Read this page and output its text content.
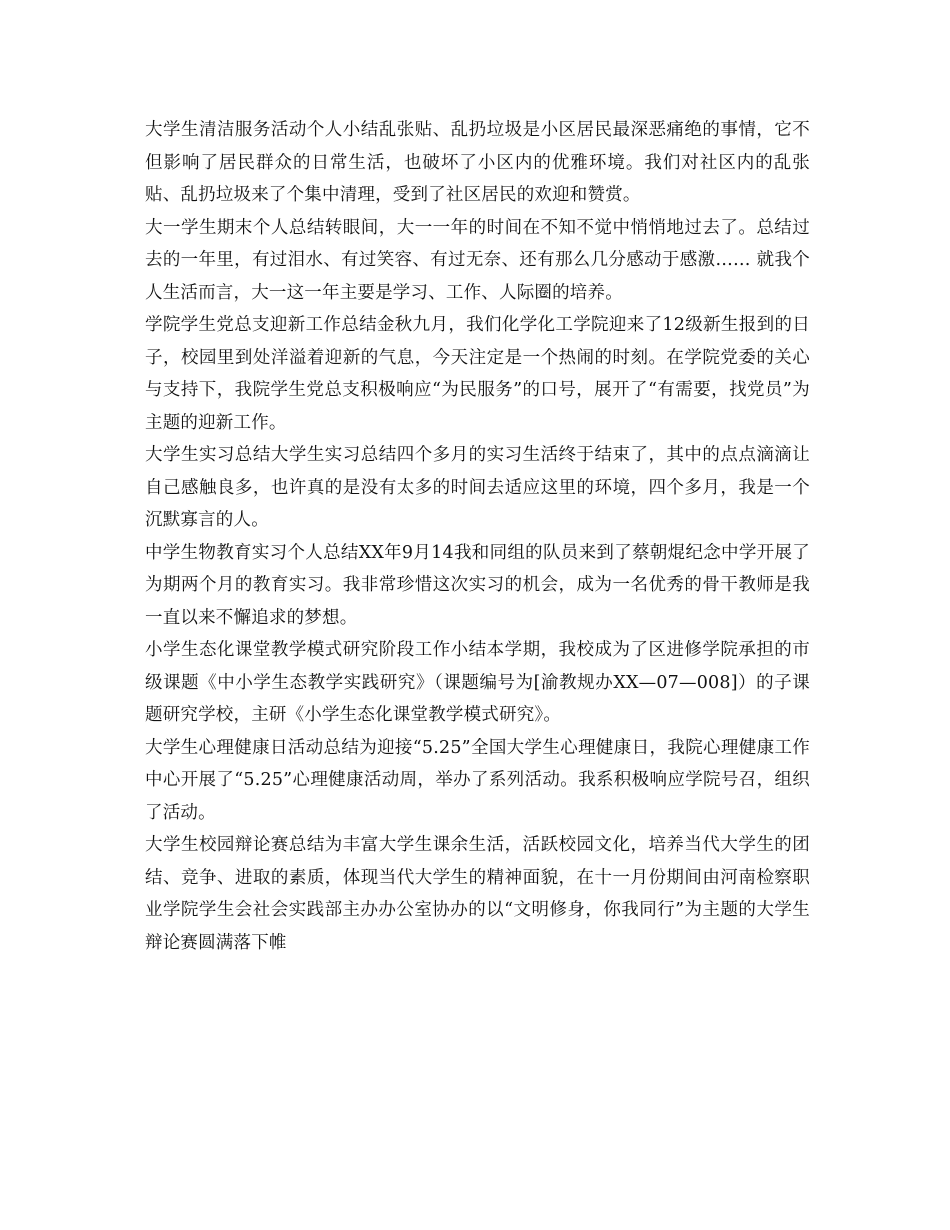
大学生清洁服务活动个人小结乱张贴、乱扔垃圾是小区居民最深恶痛绝的事情，它不但影响了居民群众的日常生活，也破坏了小区内的优雅环境。我们对社区内的乱张贴、乱扔垃圾来了个集中清理，受到了社区居民的欢迎和赞赏。

大一学生期末个人总结转眼间，大一一年的时间在不知不觉中悄悄地过去了。总结过去的一年里，有过泪水、有过笑容、有过无奈、还有那么几分感动于感激…… 就我个人生活而言，大一这一年主要是学习、工作、人际圈的培养。

学院学生党总支迎新工作总结金秋九月，我们化学化工学院迎来了12级新生报到的日子，校园里到处洋溢着迎新的气息，今天注定是一个热闹的时刻。在学院党委的关心与支持下，我院学生党总支积极响应“为民服务”的口号，展开了“有需要，找党员”为主题的迎新工作。

大学生实习总结大学生实习总结四个多月的实习生活终于结束了，其中的点点滴滴让自己感触良多，也许真的是没有太多的时间去适应这里的环境，四个多月，我是一个沉默寡言的人。

中学生物教育实习个人总结XX年9月14我和同组的队员来到了蔡朝焜纪念中学开展了为期两个月的教育实习。我非常珍惜这次实习的机会，成为一名优秀的骨干教师是我一直以来不懈追求的梦想。

小学生态化课堂教学模式研究阶段工作小结本学期，我校成为了区进修学院承担的市级课题《中小学生态教学实践研究》（课题编号为[渝教规办XX—07—008]）的子课题研究学校，主研《小学生态化课堂教学模式研究》。

大学生心理健康日活动总结为迎接“5.25”全国大学生心理健康日，我院心理健康工作中心开展了“5.25”心理健康活动周，举办了系列活动。我系积极响应学院号召，组织了活动。

大学生校园辩论赛总结为丰富大学生课余生活，活跃校园文化，培养当代大学生的团结、竞争、进取的素质，体现当代大学生的精神面貌，在十一月份期间由河南检察职业学院学生会社会实践部主办办公室协办的以“文明修身，你我同行”为主题的大学生辩论赛圆满落下帷
